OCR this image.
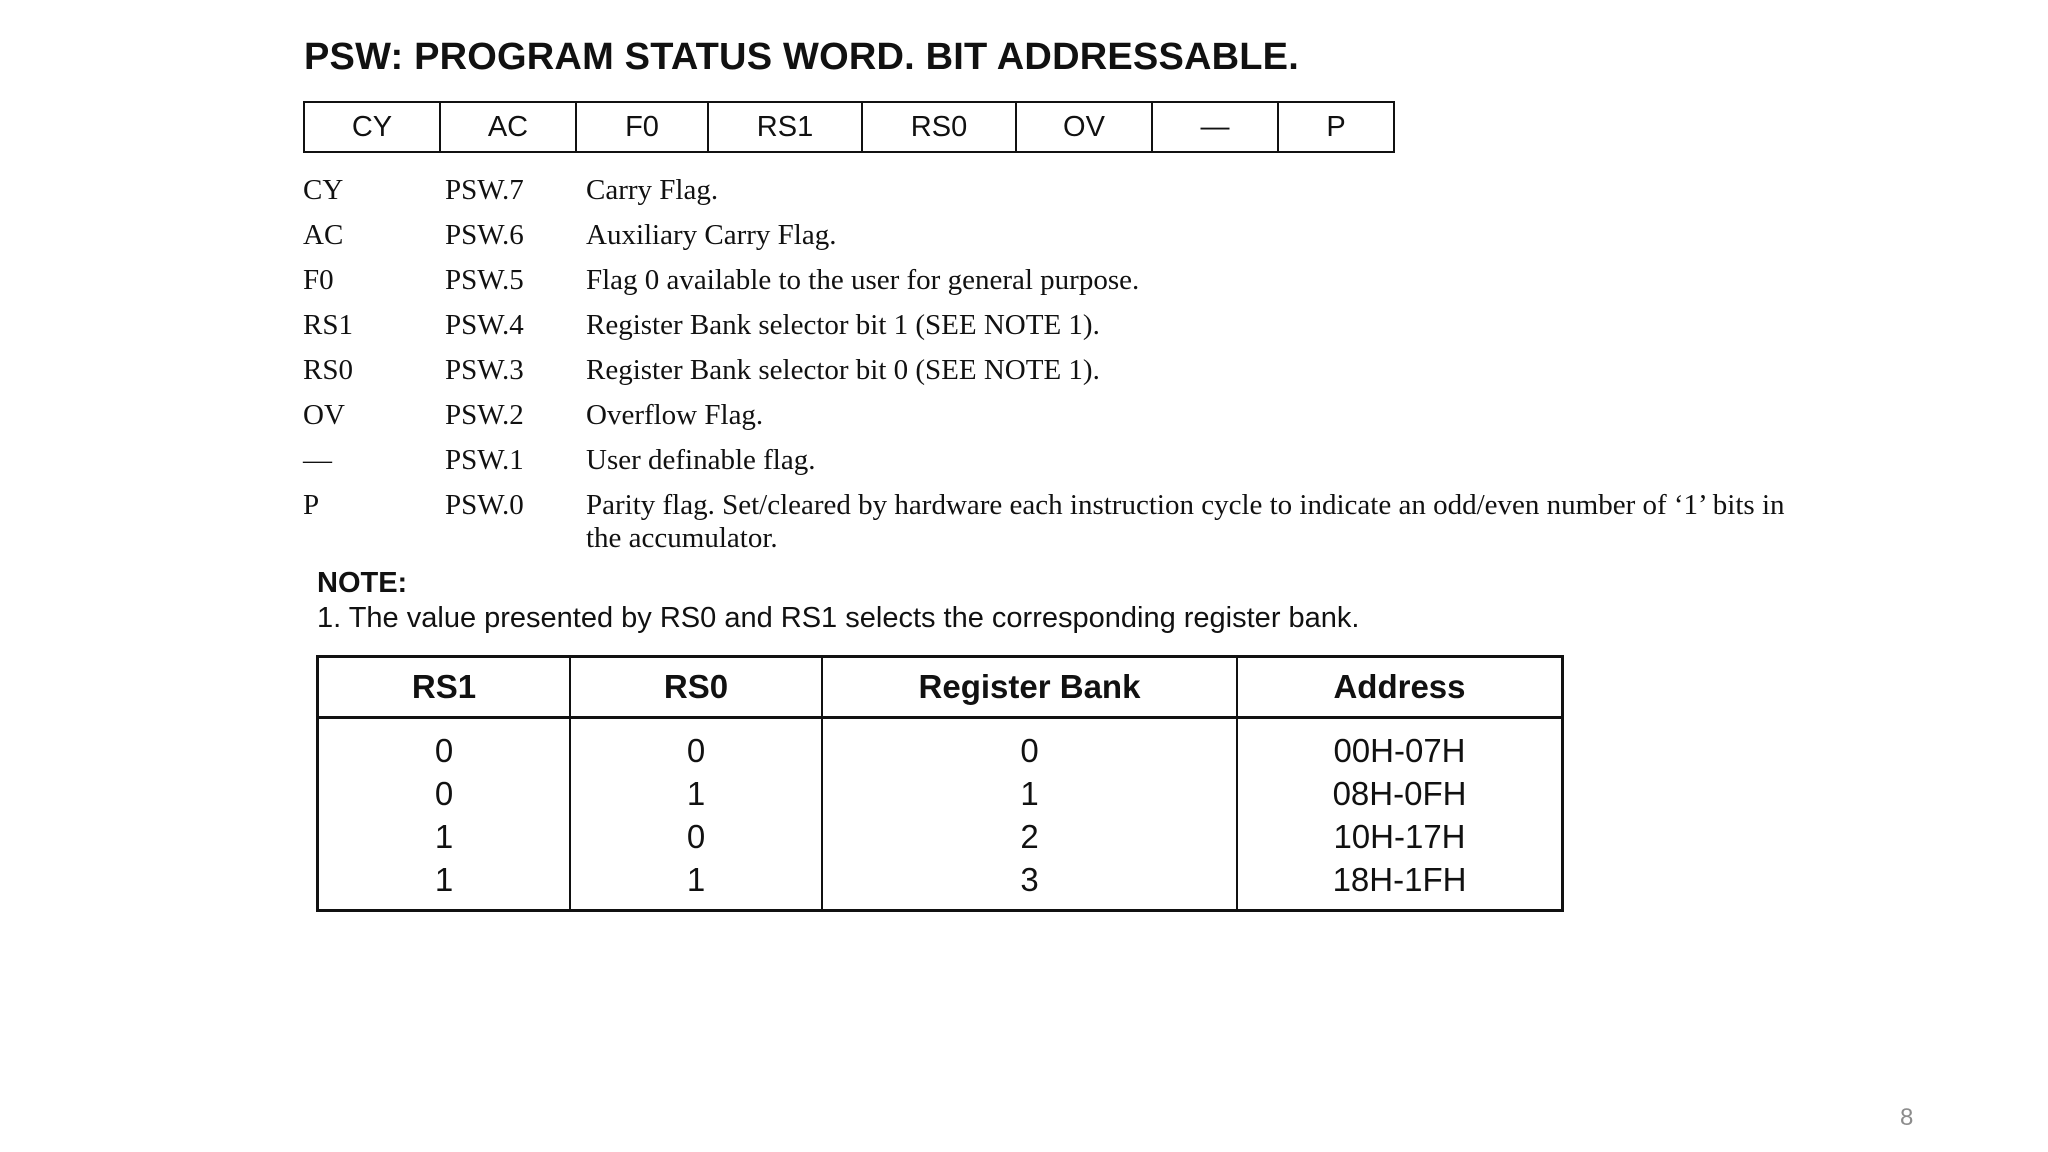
PSW: PROGRAM STATUS WORD. BIT ADDRESSABLE.
CY	AC	F0	RS1	RS0	OV	—	P
CY	PSW.7	Carry Flag.
AC	PSW.6	Auxiliary Carry Flag.
F0	PSW.5	Flag 0 available to the user for general purpose.
RS1	PSW.4	Register Bank selector bit 1 (SEE NOTE 1).
RS0	PSW.3	Register Bank selector bit 0 (SEE NOTE 1).
OV	PSW.2	Overflow Flag.
—	PSW.1	User definable flag.
P	PSW.0	Parity flag. Set/cleared by hardware each instruction cycle to indicate an odd/even number of ‘1’ bits in the accumulator.
NOTE:
1. The value presented by RS0 and RS1 selects the corresponding register bank.
RS1	RS0	Register Bank	Address
0	0	0	00H-07H
0	1	1	08H-0FH
1	0	2	10H-17H
1	1	3	18H-1FH
8
